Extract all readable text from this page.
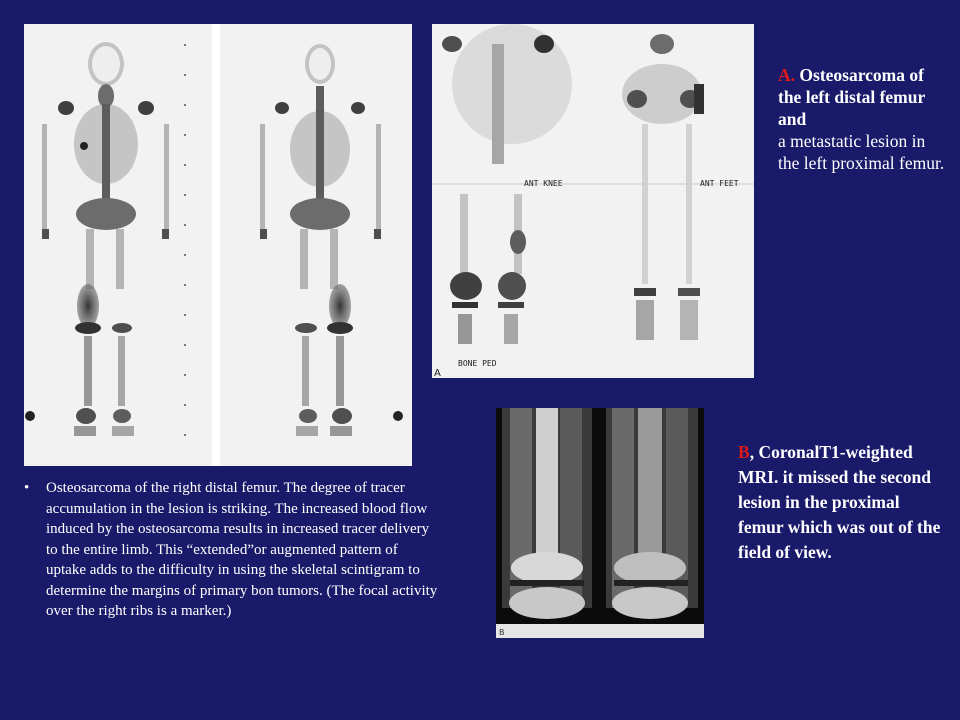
ANT KNEE	ANT FEET
BONE PED
A
B
A. Osteosarcoma of the left distal femur and
a metastatic lesion in the left proximal femur.
B, CoronalT1-weighted MRI. it missed the second lesion in the proximal femur which was out of the field of view.
• Osteosarcoma of the right distal femur. The degree of tracer accumulation in the lesion is striking. The increased blood flow induced by the osteosarcoma results in increased tracer delivery to the entire limb. This “extended”or augmented pattern of uptake adds to the difficulty in using the skeletal scintigram to determine the margins of primary bon tumors. (The focal activity over the right ribs is a marker.)
